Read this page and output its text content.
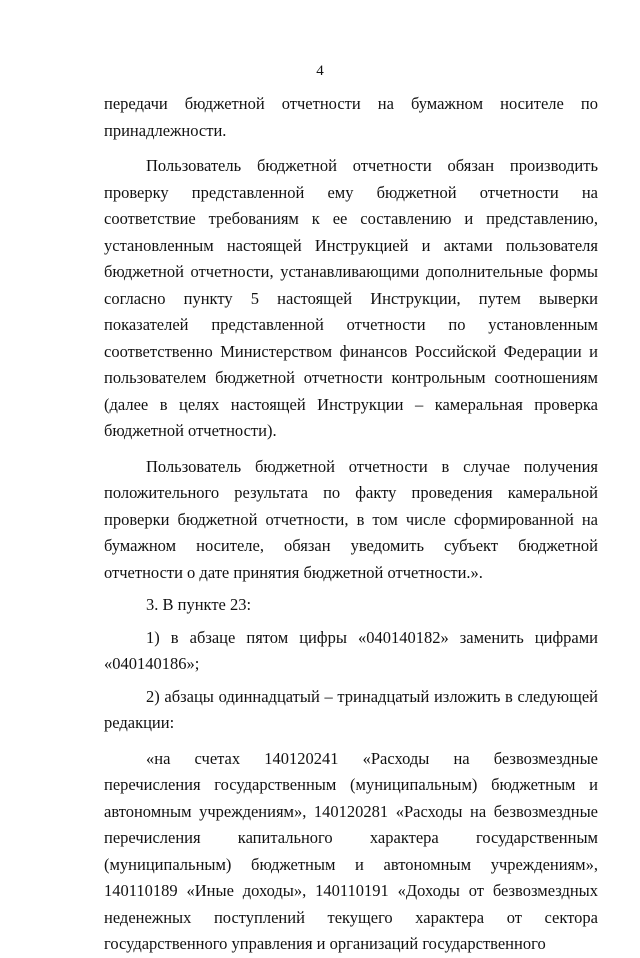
4

передачи бюджетной отчетности на бумажном носителе по принадлежности.

Пользователь бюджетной отчетности обязан производить проверку представленной ему бюджетной отчетности на соответствие требованиям к ее составлению и представлению, установленным настоящей Инструкцией и актами пользователя бюджетной отчетности, устанавливающими дополнительные формы согласно пункту 5 настоящей Инструкции, путем выверки показателей представленной отчетности по установленным соответственно Министерством финансов Российской Федерации и пользователем бюджетной отчетности контрольным соотношениям (далее в целях настоящей Инструкции – камеральная проверка бюджетной отчетности).

Пользователь бюджетной отчетности в случае получения положительного результата по факту проведения камеральной проверки бюджетной отчетности, в том числе сформированной на бумажном носителе, обязан уведомить субъект бюджетной отчетности о дате принятия бюджетной отчетности.».

3. В пункте 23:

1) в абзаце пятом цифры «040140182» заменить цифрами «040140186»;

2) абзацы одиннадцатый – тринадцатый изложить в следующей редакции:

«на счетах 140120241 «Расходы на безвозмездные перечисления государственным (муниципальным) бюджетным и автономным учреждениям», 140120281 «Расходы на безвозмездные перечисления капитального характера государственным (муниципальным) бюджетным и автономным учреждениям», 140110189 «Иные доходы», 140110191 «Доходы от безвозмездных неденежных поступлений текущего характера от сектора государственного управления и организаций государственного
